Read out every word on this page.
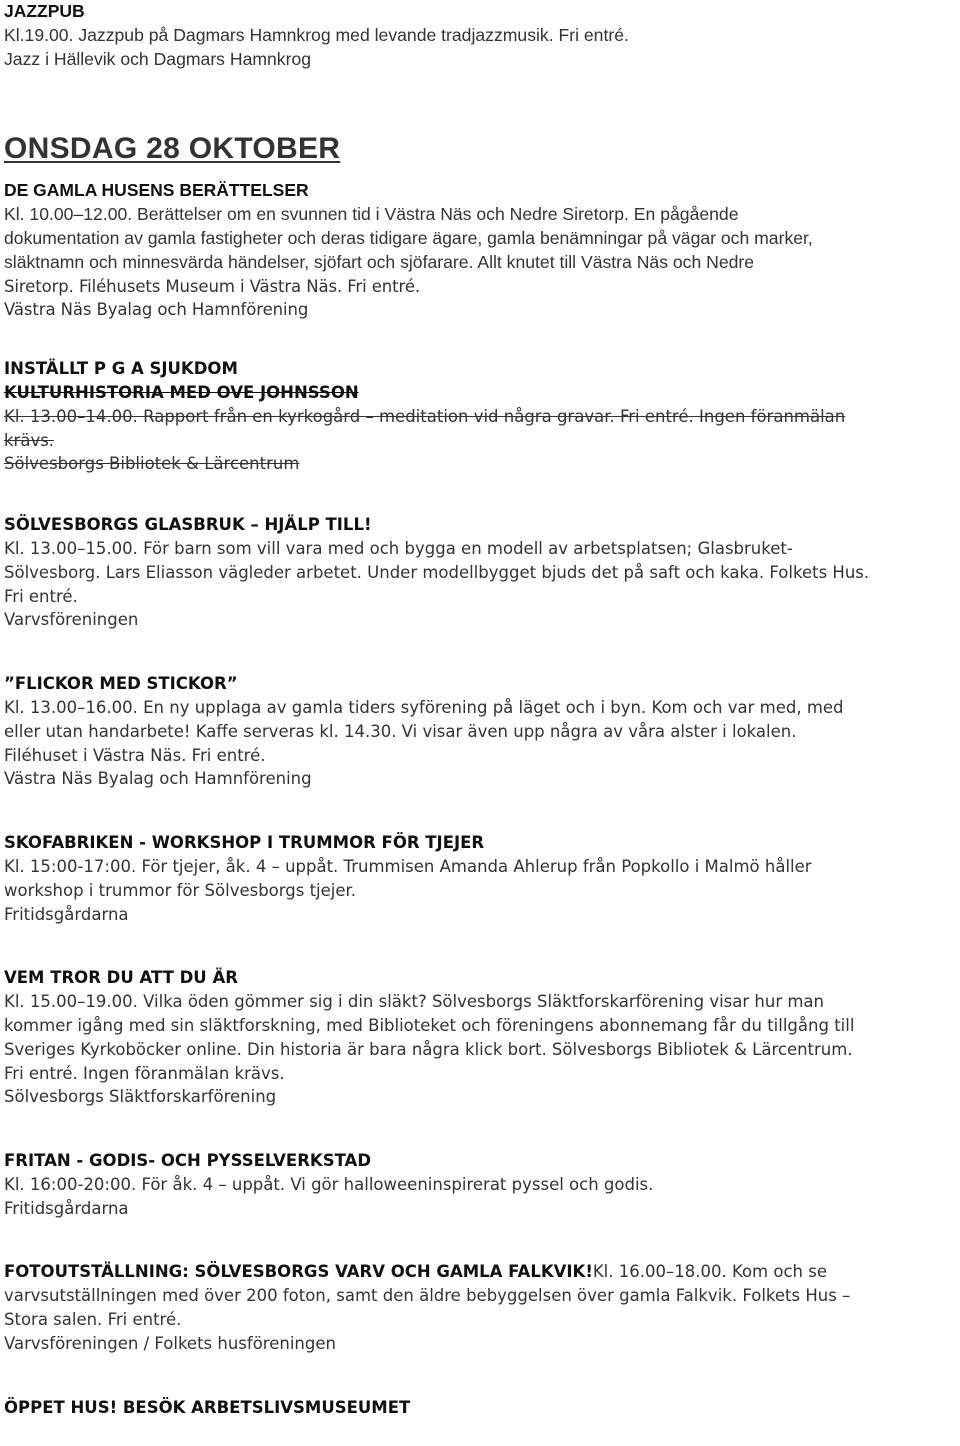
JAZZPUB

Kl.19.00. Jazzpub på Dagmars Hamnkrog med levande tradjazzmusik. Fri entré.

Jazz i Hällevik och Dagmars Hamnkrog

ONSDAG 28 OKTOBER

DE GAMLA HUSENS BERÄTTELSER

Kl. 10.00–12.00. Berättelser om en svunnen tid i Västra Näs och Nedre Siretorp. En pågående

dokumentation av gamla fastigheter och deras tidigare ägare, gamla benämningar på vägar och marker,

släktnamn och minnesvärda händelser, sjöfart och sjöfarare. Allt knutet till Västra Näs och Nedre

Siretorp. Filéhusets Museum i Västra Näs. Fri entré.

Västra Näs Byalag och Hamnförening

INSTÄLLT P G A SJUKDOM

KULTURHISTORIA MED OVE JOHNSSON

Kl. 13.00–14.00. Rapport från en kyrkogård – meditation vid några gravar. Fri entré. Ingen föranmälan

krävs.

Sölvesborgs Bibliotek & Lärcentrum

SÖLVESBORGS GLASBRUK – HJÄLP TILL!

Kl. 13.00–15.00. För barn som vill vara med och bygga en modell av arbetsplatsen; Glasbruket-

Sölvesborg. Lars Eliasson vägleder arbetet. Under modellbygget bjuds det på saft och kaka. Folkets Hus.

Fri entré.

Varvsföreningen

”FLICKOR MED STICKOR”

Kl. 13.00–16.00. En ny upplaga av gamla tiders syförening på läget och i byn. Kom och var med, med

eller utan handarbete! Kaffe serveras kl. 14.30. Vi visar även upp några av våra alster i lokalen.

Filéhuset i Västra Näs. Fri entré.

Västra Näs Byalag och Hamnförening

SKOFABRIKEN - WORKSHOP I TRUMMOR FÖR TJEJER

Kl. 15:00-17:00. För tjejer, åk. 4 – uppåt. Trummisen Amanda Ahlerup från Popkollo i Malmö håller

workshop i trummor för Sölvesborgs tjejer.

Fritidsgårdarna

VEM TROR DU ATT DU ÄR

Kl. 15.00–19.00. Vilka öden gömmer sig i din släkt? Sölvesborgs Släktforskarförening visar hur man

kommer igång med sin släktforskning, med Biblioteket och föreningens abonnemang får du tillgång till

Sveriges Kyrkoböcker online. Din historia är bara några klick bort. Sölvesborgs Bibliotek & Lärcentrum.

Fri entré. Ingen föranmälan krävs.

Sölvesborgs Släktforskarförening

FRITAN - GODIS- OCH PYSSELVERKSTAD

Kl. 16:00-20:00. För åk. 4 – uppåt. Vi gör halloweeninspirerat pyssel och godis.

Fritidsgårdarna

FOTOUTSTÄLLNING: SÖLVESBORGS VARV OCH GAMLA FALKVIK!Kl. 16.00–18.00. Kom och se

varvsutställningen med över 200 foton, samt den äldre bebyggelsen över gamla Falkvik. Folkets Hus –

Stora salen. Fri entré.

Varvsföreningen / Folkets husföreningen

ÖPPET HUS! BESÖK ARBETSLIVSMUSEUMET
